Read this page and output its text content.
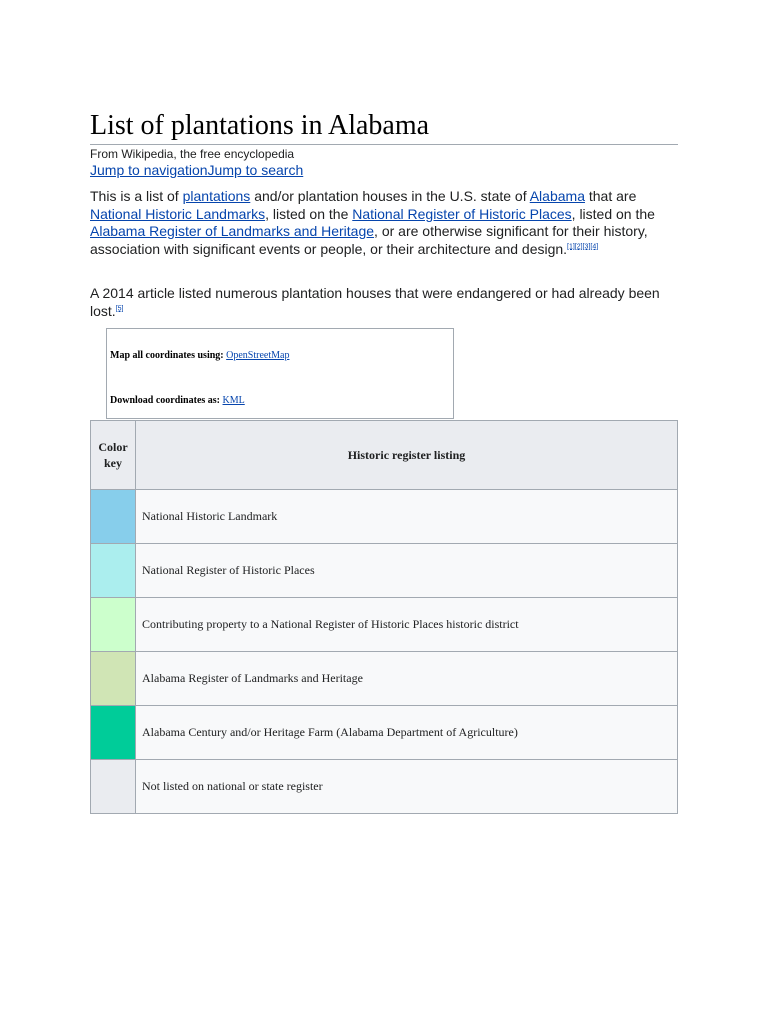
List of plantations in Alabama
From Wikipedia, the free encyclopedia
Jump to navigationJump to search

This is a list of plantations and/or plantation houses in the U.S. state of Alabama that are National Historic Landmarks, listed on the National Register of Historic Places, listed on the Alabama Register of Landmarks and Heritage, or are otherwise significant for their history, association with significant events or people, or their architecture and design.[1][2][3][4]

A 2014 article listed numerous plantation houses that were endangered or had already been lost.[5]

Map all coordinates using: OpenStreetMap
Download coordinates as: KML
Color key	Historic register listing
	National Historic Landmark
	National Register of Historic Places
	Contributing property to a National Register of Historic Places historic district
	Alabama Register of Landmarks and Heritage
	Alabama Century and/or Heritage Farm (Alabama Department of Agriculture)
	Not listed on national or state register
